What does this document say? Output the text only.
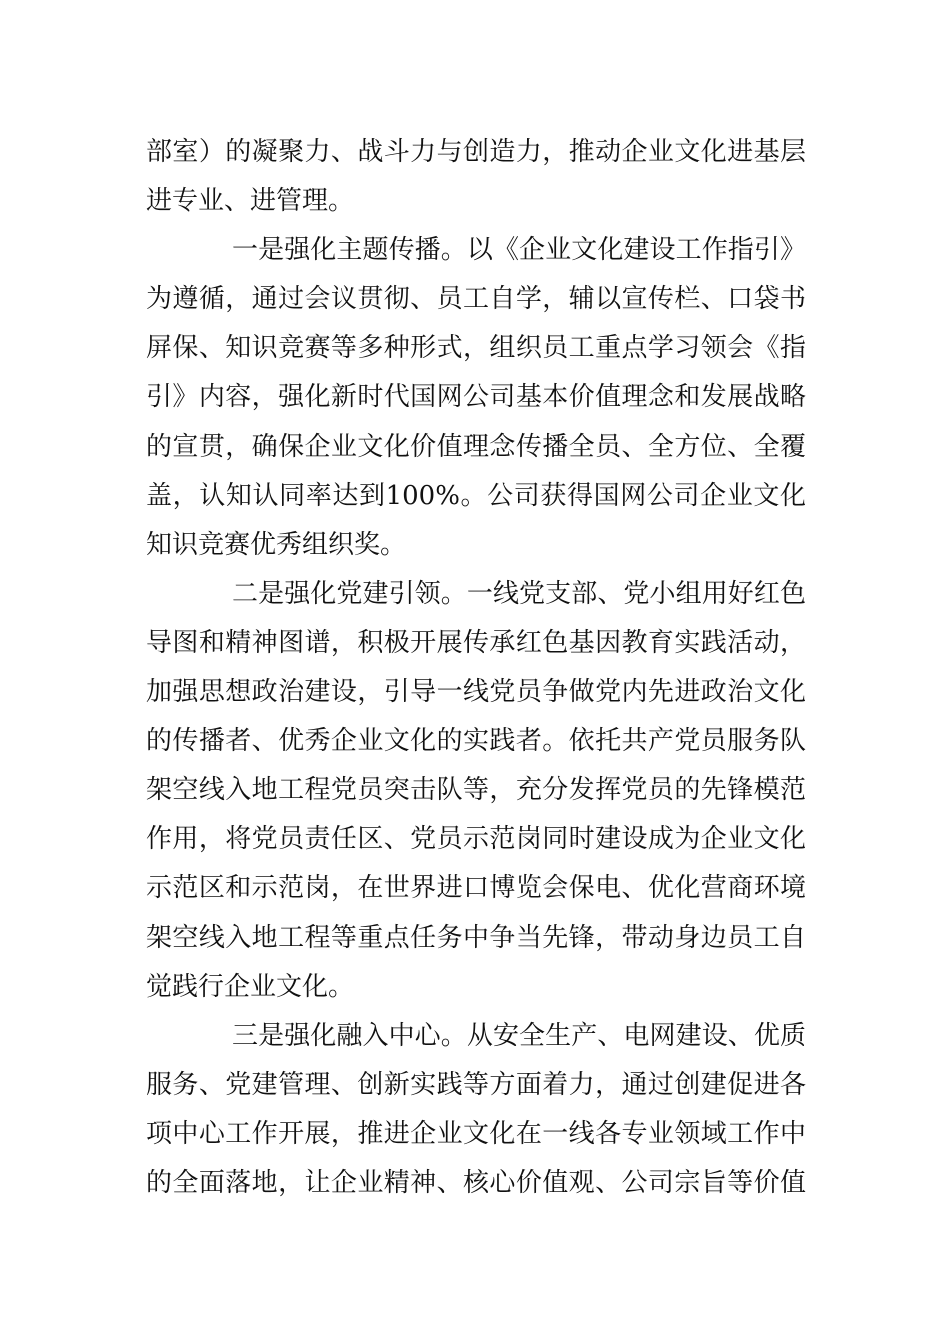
部室）的凝聚力、战斗力与创造力，推动企业文化进基层
进专业、进管理。
一是强化主题传播。以《企业文化建设工作指引》
为遵循，通过会议贯彻、员工自学，辅以宣传栏、口袋书
屏保、知识竞赛等多种形式，组织员工重点学习领会《指
引》内容，强化新时代国网公司基本价值理念和发展战略
的宣贯，确保企业文化价值理念传播全员、全方位、全覆
盖，认知认同率达到100%。公司获得国网公司企业文化
知识竞赛优秀组织奖。
二是强化党建引领。一线党支部、党小组用好红色
导图和精神图谱，积极开展传承红色基因教育实践活动，
加强思想政治建设，引导一线党员争做党内先进政治文化
的传播者、优秀企业文化的实践者。依托共产党员服务队
架空线入地工程党员突击队等，充分发挥党员的先锋模范
作用，将党员责任区、党员示范岗同时建设成为企业文化
示范区和示范岗，在世界进口博览会保电、优化营商环境
架空线入地工程等重点任务中争当先锋，带动身边员工自
觉践行企业文化。
三是强化融入中心。从安全生产、电网建设、优质
服务、党建管理、创新实践等方面着力，通过创建促进各
项中心工作开展，推进企业文化在一线各专业领域工作中
的全面落地，让企业精神、核心价值观、公司宗旨等价值
